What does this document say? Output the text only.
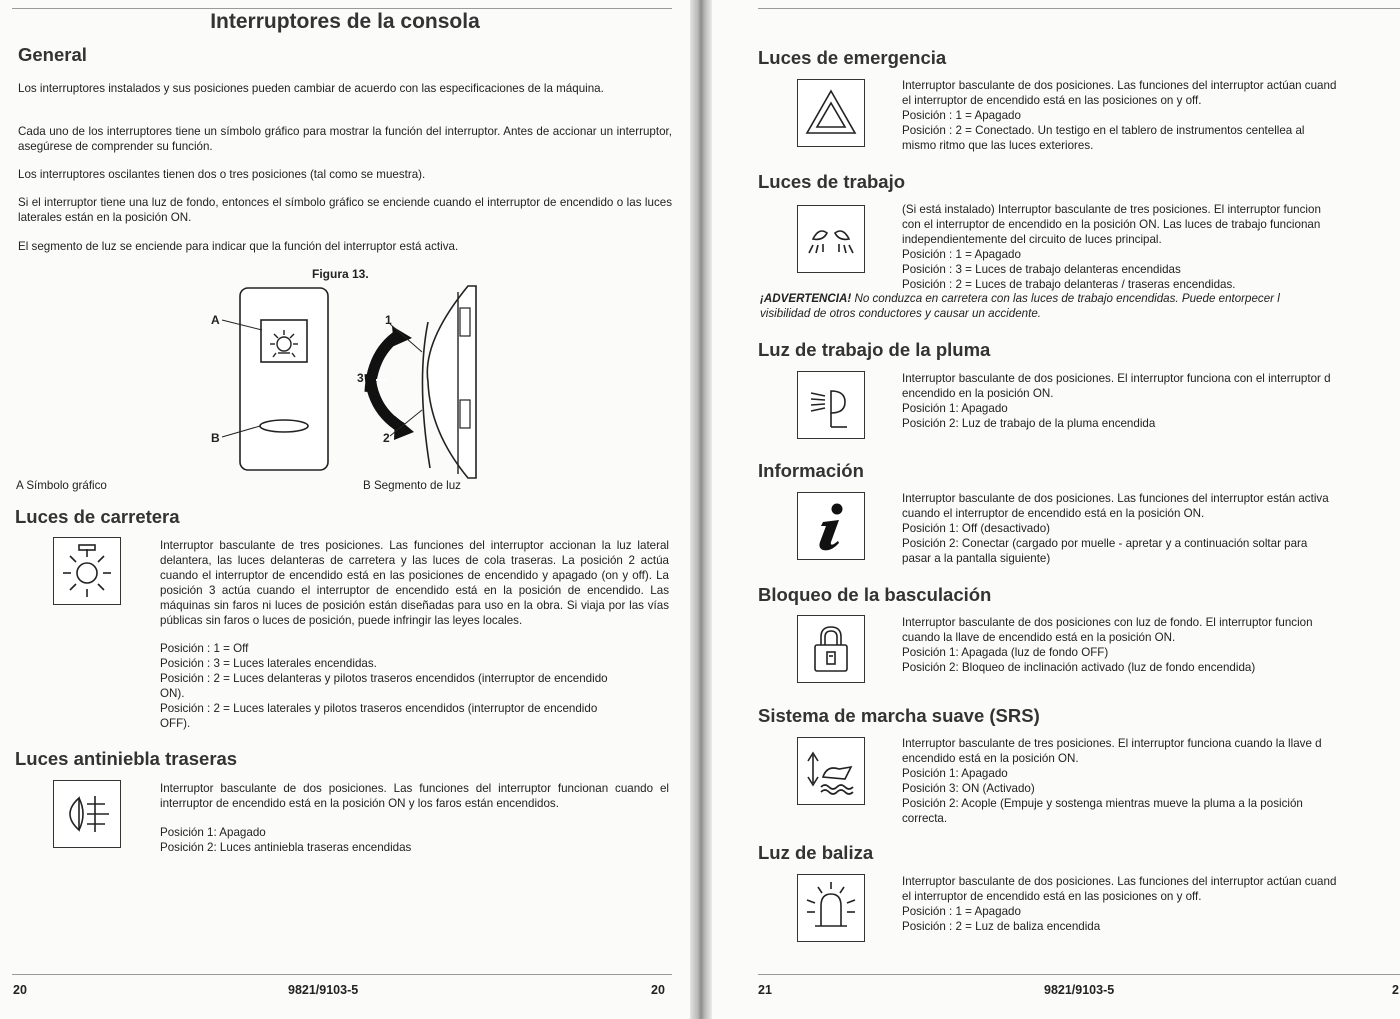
Interruptores de la consola
General
Los interruptores instalados y sus posiciones pueden cambiar de acuerdo con las especificaciones de la máquina.
Cada uno de los interruptores tiene un símbolo gráfico para mostrar la función del interruptor. Antes de accionar un interruptor, asegúrese de comprender su función.
Los interruptores oscilantes tienen dos o tres posiciones (tal como se muestra).
Si el interruptor tiene una luz de fondo, entonces el símbolo gráfico se enciende cuando el interruptor de encendido o las luces laterales están en la posición ON.
El segmento de luz se enciende para indicar que la función del interruptor está activa.
Figura 13.
A
B
1
3
2
A Símbolo gráfico	B Segmento de luz
Luces de carretera
Interruptor basculante de tres posiciones. Las funciones del interruptor accionan la luz lateral delantera, las luces delanteras de carretera y las luces de cola traseras. La posición 2 actúa cuando el interruptor de encendido está en las posiciones de encendido y apagado (on y off). La posición 3 actúa cuando el interruptor de encendido está en la posición de encendido. Las máquinas sin faros ni luces de posición están diseñadas para uso en la obra. Si viaja por las vías públicas sin faros o luces de posición, puede infringir las leyes locales.
Posición : 1 = Off
Posición : 3 = Luces laterales encendidas.
Posición : 2 = Luces delanteras y pilotos traseros encendidos (interruptor de encendido ON).
Posición : 2 = Luces laterales y pilotos traseros encendidos (interruptor de encendido OFF).
Luces antiniebla traseras
Interruptor basculante de dos posiciones. Las funciones del interruptor funcionan cuando el interruptor de encendido está en la posición ON y los faros están encendidos.
Posición 1: Apagado
Posición 2: Luces antiniebla traseras encendidas
20	9821/9103-5	20
Luces de emergencia
Interruptor basculante de dos posiciones. Las funciones del interruptor actúan cuand
el interruptor de encendido está en las posiciones on y off.
Posición : 1 = Apagado
Posición : 2 = Conectado. Un testigo en el tablero de instrumentos centellea al
mismo ritmo que las luces exteriores.
Luces de trabajo
(Si está instalado) Interruptor basculante de tres posiciones. El interruptor funcion
con el interruptor de encendido en la posición ON. Las luces de trabajo funcionan
independientemente del circuito de luces principal.
Posición : 1 = Apagado
Posición : 3 = Luces de trabajo delanteras encendidas
Posición : 2 = Luces de trabajo delanteras / traseras encendidas.
¡ADVERTENCIA! No conduzca en carretera con las luces de trabajo encendidas. Puede entorpecer l
visibilidad de otros conductores y causar un accidente.
Luz de trabajo de la pluma
Interruptor basculante de dos posiciones. El interruptor funciona con el interruptor d
encendido en la posición ON.
Posición 1: Apagado
Posición 2: Luz de trabajo de la pluma encendida
Información
Interruptor basculante de dos posiciones. Las funciones del interruptor están activa
cuando el interruptor de encendido está en la posición ON.
Posición 1: Off (desactivado)
Posición 2: Conectar (cargado por muelle - apretar y a continuación soltar para
pasar a la pantalla siguiente)
Bloqueo de la basculación
Interruptor basculante de dos posiciones con luz de fondo. El interruptor funcion
cuando la llave de encendido está en la posición ON.
Posición 1: Apagada (luz de fondo OFF)
Posición 2: Bloqueo de inclinación activado (luz de fondo encendida)
Sistema de marcha suave (SRS)
Interruptor basculante de tres posiciones. El interruptor funciona cuando la llave d
encendido está en la posición ON.
Posición 1: Apagado
Posición 3: ON (Activado)
Posición 2: Acople (Empuje y sostenga mientras mueve la pluma a la posición
correcta.
Luz de baliza
Interruptor basculante de dos posiciones. Las funciones del interruptor actúan cuand
el interruptor de encendido está en las posiciones on y off.
Posición : 1 = Apagado
Posición : 2 = Luz de baliza encendida
21	9821/9103-5	2
